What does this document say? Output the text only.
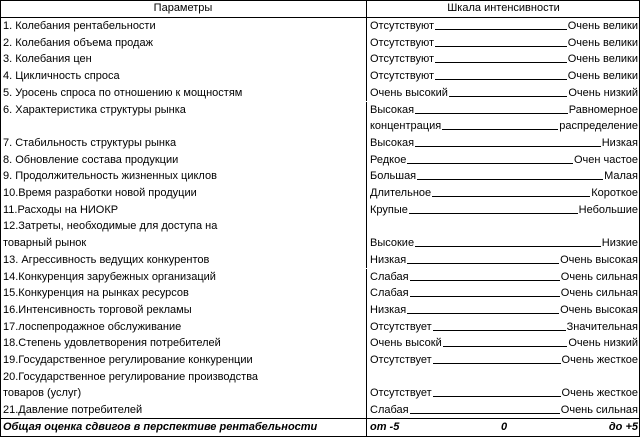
Параметры	Шкала интенсивности
1. Колебания рентабельности	Отсутствуют	Очень велики
2. Колебания объема продаж	Отсутствуют	Очень велики
3. Колебания цен	Отсутствуют	Очень велики
4. Цикличность спроса	Отсутствуют	Очень велики
5. Уросень спроса по отношению к мощностям	Очень высокий	Очень низкий
6. Характеристика структуры рынка	Высокая	Равномерное
концентрация	распределение
7. Стабильность структуры рынка	Высокая	Низкая
8. Обновление состава продукции	Редкое	Очен частое
9. Продолжительность жизненных циклов	Большая	Малая
10.Время разработки новой продуции	Длительное	Короткое
11.Расходы на НИОКР	Крупые	Небольшие
12.Затреты, необходимые для доступа на
товарный рынок	Высокие	Низкие
13. Агрессивность ведущих конкурентов	Низкая	Очень высокая
14.Конкуренция зарубежных организаций	Слабая	Очень сильная
15.Конкуренция на рынках ресурсов	Слабая	Очень сильная
16.Интенсивность торговой рекламы	Низкая	Очень высокая
17.лоспепродажное обслуживание	Отсутствует	Значительная
18.Степень удовлетворения потребителей	Очень высокй	Очень низкий
19.Государственное регулирование конкуренции	Отсутствует	Очень жесткое
20.Государственное регулирование производства
товаров (услуг)	Отсутствует	Очень жесткое
21.Давление потребителей	Слабая	Очень сильная
Общая оценка сдвигов в перспективе рентабельности	от -5	0	до +5
